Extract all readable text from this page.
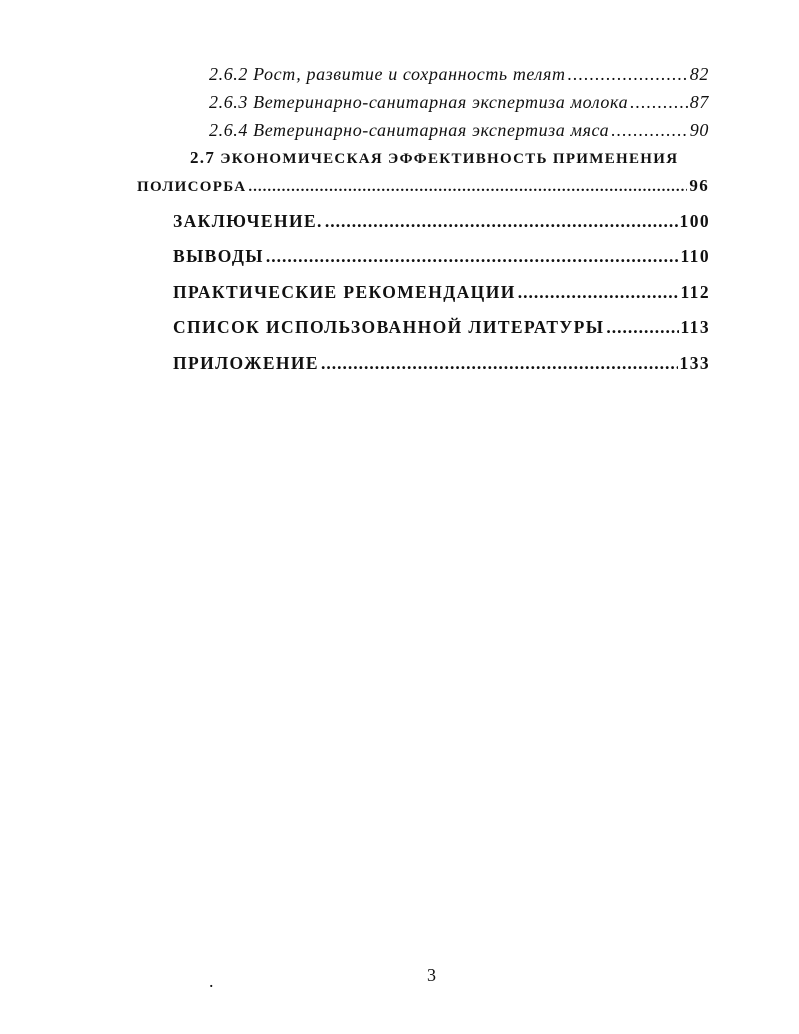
2.6.2 Рост, развитие и сохранность телят .....	82
2.6.3 Ветеринарно-санитарная экспертиза молока .....	87
2.6.4 Ветеринарно-санитарная экспертиза мяса .....	90
2.7 ЭКОНОМИЧЕСКАЯ ЭФФЕКТИВНОСТЬ ПРИМЕНЕНИЯ
ПОЛИСОРБА .....	96
ЗАКЛЮЧЕНИЕ. .....	100
ВЫВОДЫ .....	110
ПРАКТИЧЕСКИЕ РЕКОМЕНДАЦИИ .....	112
СПИСОК ИСПОЛЬЗОВАННОЙ ЛИТЕРАТУРЫ .....	113
ПРИЛОЖЕНИЕ .....	133
.	3
